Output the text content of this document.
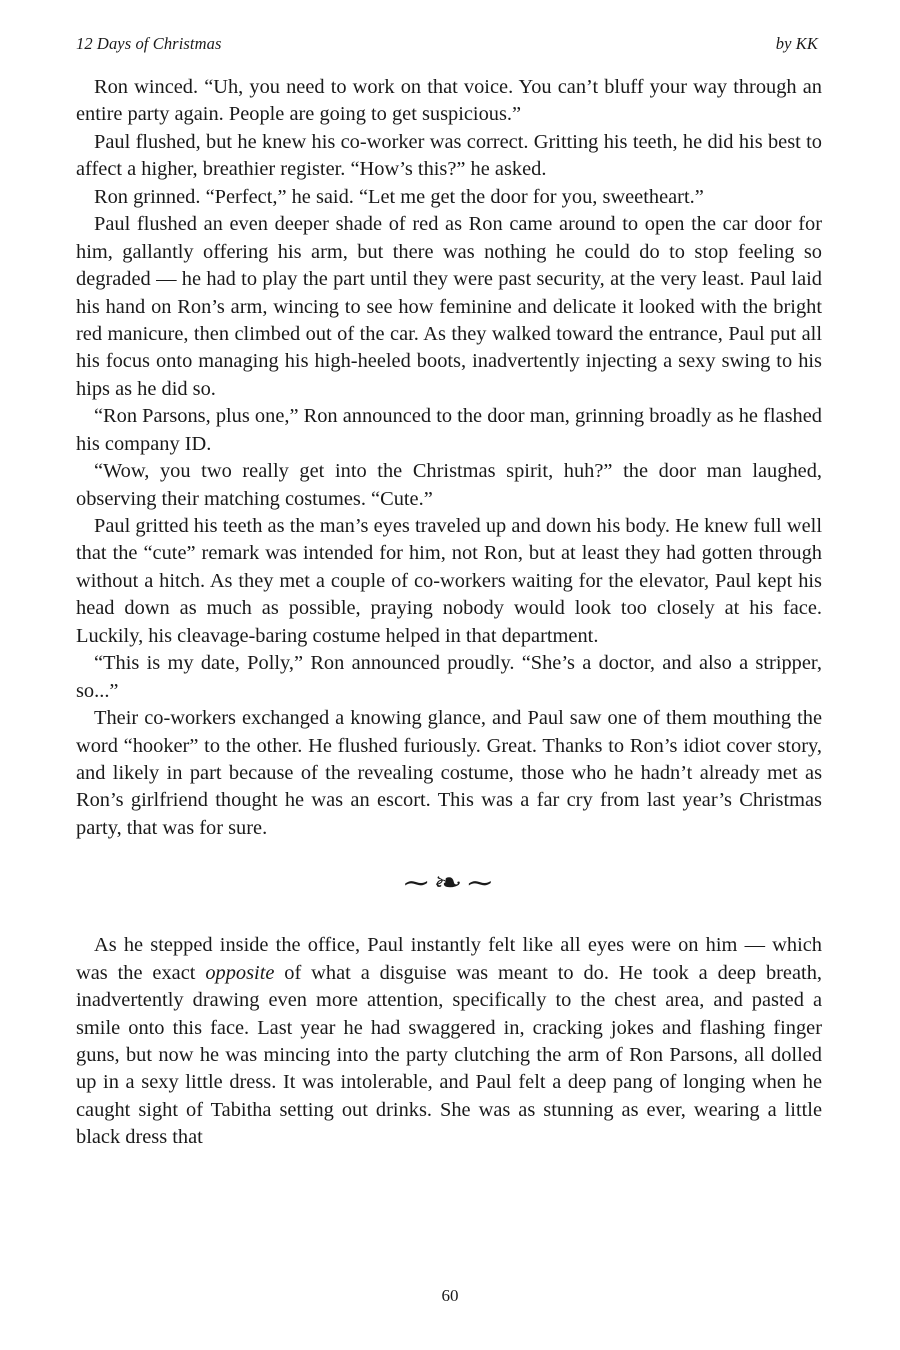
12 Days of Christmas	by KK

Ron winced. “Uh, you need to work on that voice. You can’t bluff your way through an entire party again. People are going to get suspicious.”

Paul flushed, but he knew his co-worker was correct. Gritting his teeth, he did his best to affect a higher, breathier register. “How’s this?” he asked.

Ron grinned. “Perfect,” he said. “Let me get the door for you, sweetheart.”

Paul flushed an even deeper shade of red as Ron came around to open the car door for him, gallantly offering his arm, but there was nothing he could do to stop feeling so degraded — he had to play the part until they were past security, at the very least. Paul laid his hand on Ron’s arm, wincing to see how feminine and delicate it looked with the bright red manicure, then climbed out of the car. As they walked toward the entrance, Paul put all his focus onto managing his high-heeled boots, inadvertently injecting a sexy swing to his hips as he did so.

“Ron Parsons, plus one,” Ron announced to the door man, grinning broadly as he flashed his company ID.

“Wow, you two really get into the Christmas spirit, huh?” the door man laughed, observing their matching costumes. “Cute.”

Paul gritted his teeth as the man’s eyes traveled up and down his body. He knew full well that the “cute” remark was intended for him, not Ron, but at least they had gotten through without a hitch. As they met a couple of co-workers waiting for the elevator, Paul kept his head down as much as possible, praying nobody would look too closely at his face. Luckily, his cleavage-baring costume helped in that department.

“This is my date, Polly,” Ron announced proudly. “She’s a doctor, and also a stripper, so...”

Their co-workers exchanged a knowing glance, and Paul saw one of them mouthing the word “hooker” to the other. He flushed furiously. Great. Thanks to Ron’s idiot cover story, and likely in part because of the revealing costume, those who he hadn’t already met as Ron’s girlfriend thought he was an escort. This was a far cry from last year’s Christmas party, that was for sure.

∼❧∼

As he stepped inside the office, Paul instantly felt like all eyes were on him — which was the exact opposite of what a disguise was meant to do. He took a deep breath, inadvertently drawing even more attention, specifically to the chest area, and pasted a smile onto this face. Last year he had swaggered in, cracking jokes and flashing finger guns, but now he was mincing into the party clutching the arm of Ron Parsons, all dolled up in a sexy little dress. It was intolerable, and Paul felt a deep pang of longing when he caught sight of Tabitha setting out drinks. She was as stunning as ever, wearing a little black dress that

60
